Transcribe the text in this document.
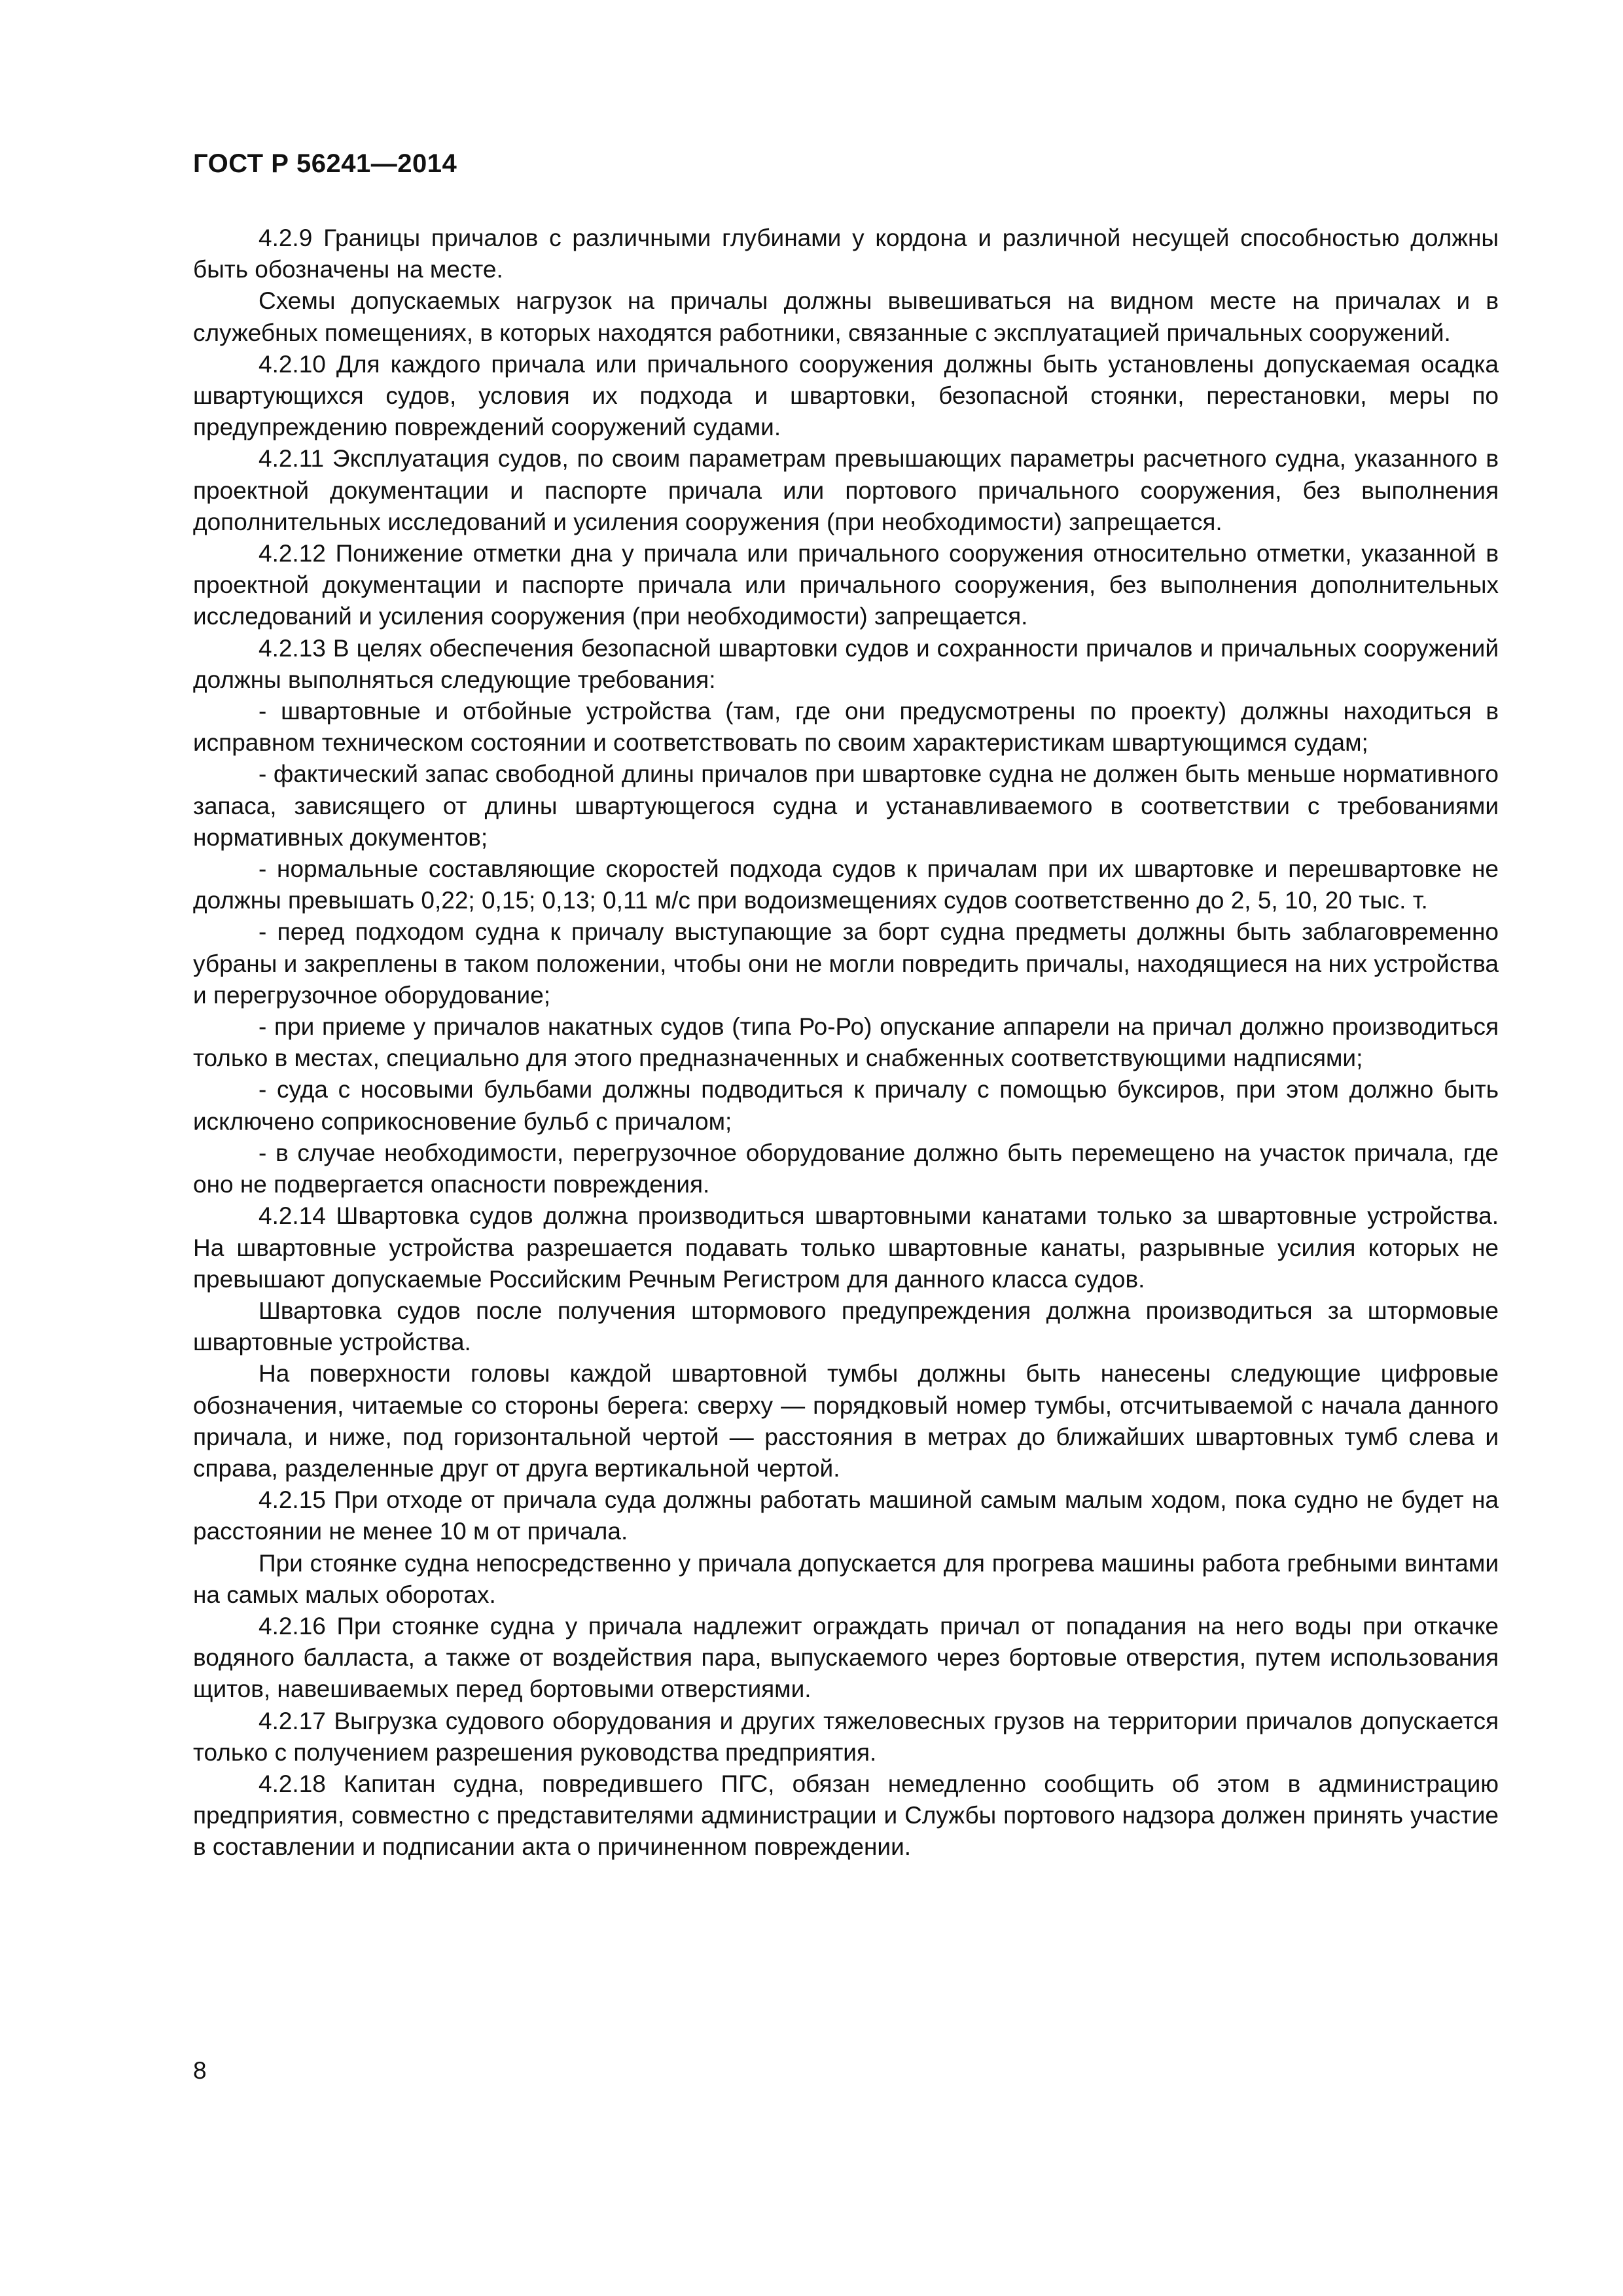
ГОСТ Р 56241—2014

4.2.9 Границы причалов с различными глубинами у кордона и различной несущей способностью должны быть обозначены на месте.

Схемы допускаемых нагрузок на причалы должны вывешиваться на видном месте на причалах и в служебных помещениях, в которых находятся работники, связанные с эксплуатацией причальных сооружений.

4.2.10 Для каждого причала или причального сооружения должны быть установлены допускаемая осадка швартующихся судов, условия их подхода и швартовки, безопасной стоянки, перестановки, меры по предупреждению повреждений сооружений судами.

4.2.11 Эксплуатация судов, по своим параметрам превышающих параметры расчетного судна, указанного в проектной документации и паспорте причала или портового причального сооружения, без выполнения дополнительных исследований и усиления сооружения (при необходимости) запрещается.

4.2.12 Понижение отметки дна у причала или причального сооружения относительно отметки, указанной в проектной документации и паспорте причала или причального сооружения, без выполнения дополнительных исследований и усиления сооружения (при необходимости) запрещается.

4.2.13 В целях обеспечения безопасной швартовки судов и сохранности причалов и причальных сооружений должны выполняться следующие требования:

- швартовные и отбойные устройства (там, где они предусмотрены по проекту) должны находиться в исправном техническом состоянии и соответствовать по своим характеристикам швартующимся судам;

- фактический запас свободной длины причалов при швартовке судна не должен быть меньше нормативного запаса, зависящего от длины швартующегося судна и устанавливаемого в соответствии с требованиями нормативных документов;

- нормальные составляющие скоростей подхода судов к причалам при их швартовке и перешвартовке не должны превышать 0,22; 0,15; 0,13; 0,11 м/с при водоизмещениях судов соответственно до 2, 5, 10, 20 тыс. т.

- перед подходом судна к причалу выступающие за борт судна предметы должны быть заблаговременно убраны и закреплены в таком положении, чтобы они не могли повредить причалы, находящиеся на них устройства и перегрузочное оборудование;

- при приеме у причалов накатных судов (типа Ро-Ро) опускание аппарели на причал должно производиться только в местах, специально для этого предназначенных и снабженных соответствующими надписями;

- суда с носовыми бульбами должны подводиться к причалу с помощью буксиров, при этом должно быть исключено соприкосновение бульб с причалом;

- в случае необходимости, перегрузочное оборудование должно быть перемещено на участок причала, где оно не подвергается опасности повреждения.

4.2.14 Швартовка судов должна производиться швартовными канатами только за швартовные устройства. На швартовные устройства разрешается подавать только швартовные канаты, разрывные усилия которых не превышают допускаемые Российским Речным Регистром для данного класса судов.

Швартовка судов после получения штормового предупреждения должна производиться за штормовые швартовные устройства.

На поверхности головы каждой швартовной тумбы должны быть нанесены следующие цифровые обозначения, читаемые со стороны берега: сверху — порядковый номер тумбы, отсчитываемой с начала данного причала, и ниже, под горизонтальной чертой — расстояния в метрах до ближайших швартовных тумб слева и справа, разделенные друг от друга вертикальной чертой.

4.2.15 При отходе от причала суда должны работать машиной самым малым ходом, пока судно не будет на расстоянии не менее 10 м от причала.

При стоянке судна непосредственно у причала допускается для прогрева машины работа гребными винтами на самых малых оборотах.

4.2.16 При стоянке судна у причала надлежит ограждать причал от попадания на него воды при откачке водяного балласта, а также от воздействия пара, выпускаемого через бортовые отверстия, путем использования щитов, навешиваемых перед бортовыми отверстиями.

4.2.17 Выгрузка судового оборудования и других тяжеловесных грузов на территории причалов допускается только с получением разрешения руководства предприятия.

4.2.18 Капитан судна, повредившего ПГС, обязан немедленно сообщить об этом в администрацию предприятия, совместно с представителями администрации и Службы портового надзора должен принять участие в составлении и подписании акта о причиненном повреждении.

8
